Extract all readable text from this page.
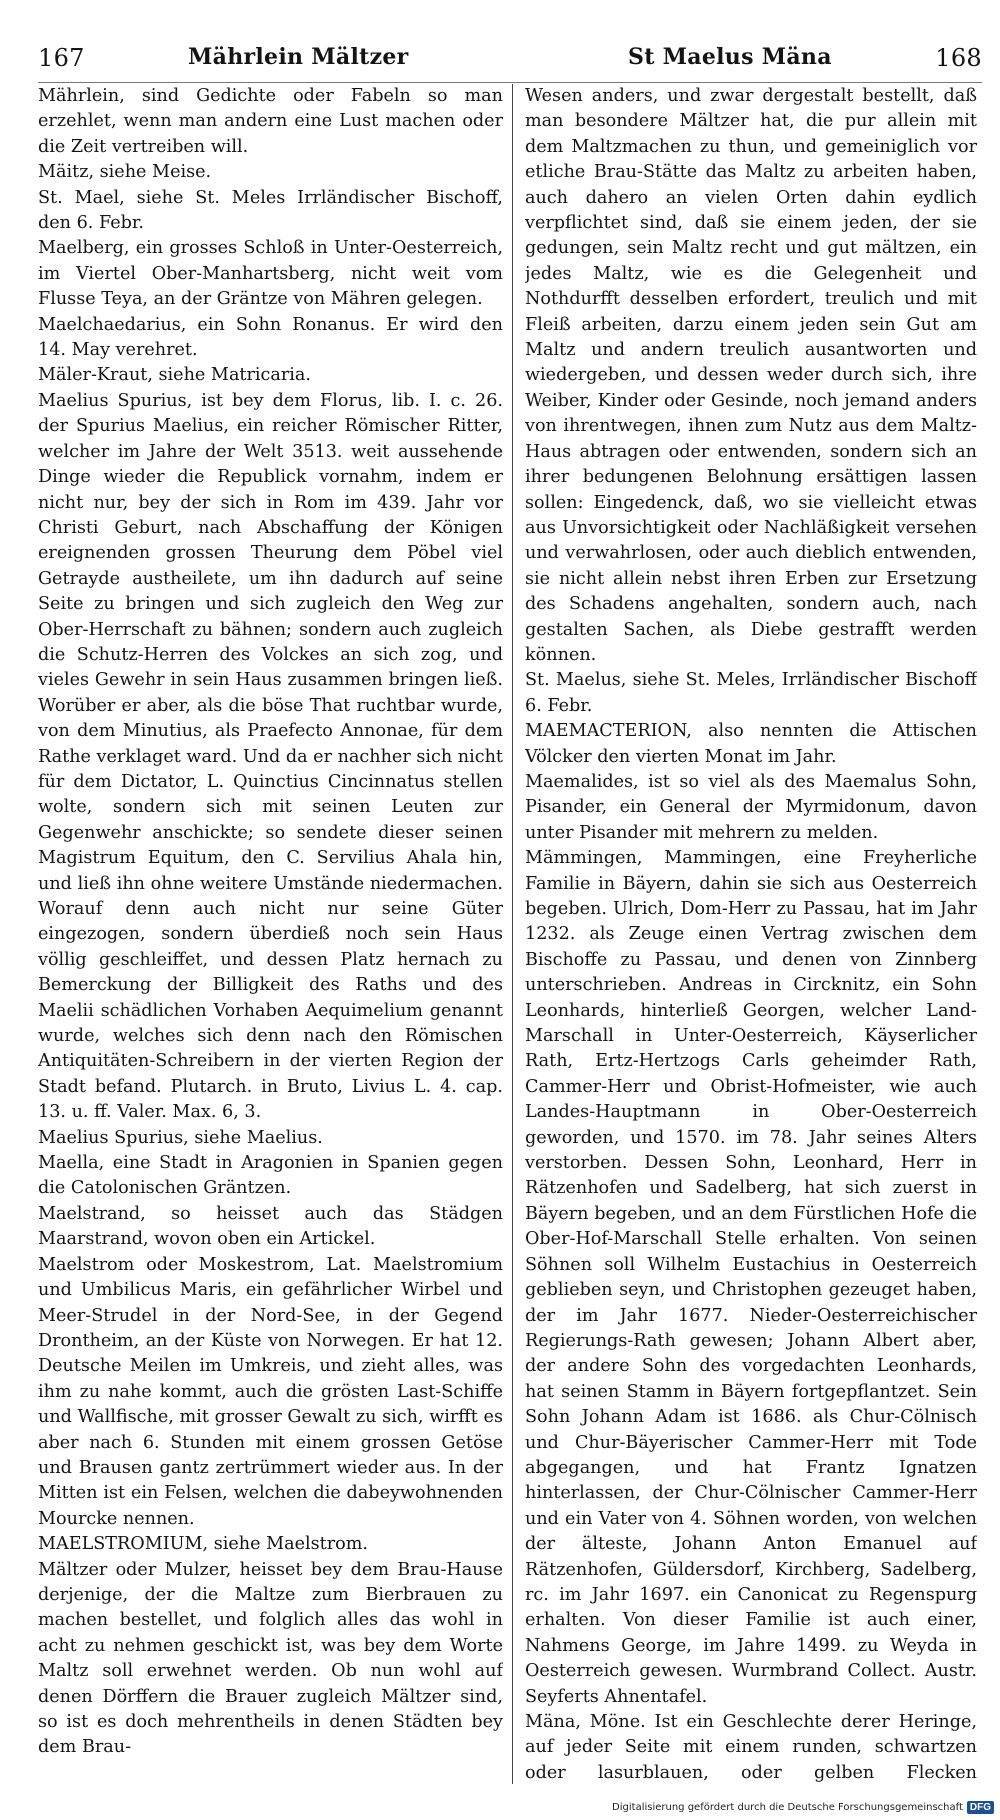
167	Mährlein Mältzer	St Maelus Mäna	168
Mährlein, sind Gedichte oder Fabeln so man erzehlet, wenn man andern eine Lust machen oder die Zeit vertreiben will.
Mäitz, siehe Meise.
St. Mael, siehe St. Meles Irrländischer Bischoff, den 6. Febr.
Maelberg, ein grosses Schloß in Unter-Oesterreich, im Viertel Ober-Manhartsberg, nicht weit vom Flusse Teya, an der Gräntze von Mähren gelegen.
Maelchaedarius, ein Sohn Ronanus. Er wird den 14. May verehret.
Mäler-Kraut, siehe Matricaria.
Maelius Spurius, ist bey dem Florus, lib. I. c. 26. der Spurius Maelius, ein reicher Römischer Ritter, welcher im Jahre der Welt 3513. weit aussehende Dinge wieder die Republick vornahm, indem er nicht nur, bey der sich in Rom im 439. Jahr vor Christi Geburt, nach Abschaffung der Königen ereignenden grossen Theurung dem Pöbel viel Getrayde austheilete, um ihn dadurch auf seine Seite zu bringen und sich zugleich den Weg zur Ober-Herrschaft zu bähnen; sondern auch zugleich die Schutz-Herren des Volckes an sich zog, und vieles Gewehr in sein Haus zusammen bringen ließ. Worüber er aber, als die böse That ruchtbar wurde, von dem Minutius, als Praefecto Annonae, für dem Rathe verklaget ward. Und da er nachher sich nicht für dem Dictator, L. Quinctius Cincinnatus stellen wolte, sondern sich mit seinen Leuten zur Gegenwehr anschickte; so sendete dieser seinen Magistrum Equitum, den C. Servilius Ahala hin, und ließ ihn ohne weitere Umstände niedermachen. Worauf denn auch nicht nur seine Güter eingezogen, sondern überdieß noch sein Haus völlig geschleiffet, und dessen Platz hernach zu Bemerckung der Billigkeit des Raths und des Maelii schädlichen Vorhaben Aequimelium genannt wurde, welches sich denn nach den Römischen Antiquitäten-Schreibern in der vierten Region der Stadt befand. Plutarch. in Bruto, Livius L. 4. cap. 13. u. ff. Valer. Max. 6, 3.
Maelius Spurius, siehe Maelius.
Maella, eine Stadt in Aragonien in Spanien gegen die Catolonischen Gräntzen.
Maelstrand, so heisset auch das Städgen Maarstrand, wovon oben ein Artickel.
Maelstrom oder Moskestrom, Lat. Maelstromium und Umbilicus Maris, ein gefährlicher Wirbel und Meer-Strudel in der Nord-See, in der Gegend Drontheim, an der Küste von Norwegen. Er hat 12. Deutsche Meilen im Umkreis, und zieht alles, was ihm zu nahe kommt, auch die grösten Last-Schiffe und Wallfische, mit grosser Gewalt zu sich, wirfft es aber nach 6. Stunden mit einem grossen Getöse und Brausen gantz zertrümmert wieder aus. In der Mitten ist ein Felsen, welchen die dabeywohnenden Mourcke nennen.
MAELSTROMIUM, siehe Maelstrom.
Mältzer oder Mulzer, heisset bey dem Brau-Hause derjenige, der die Maltze zum Bierbrauen zu machen bestellet, und folglich alles das wohl in acht zu nehmen geschickt ist, was bey dem Worte Maltz soll erwehnet werden. Ob nun wohl auf denen Dörffern die Brauer zugleich Mältzer sind, so ist es doch mehrentheils in denen Städten bey dem Brau-
Wesen anders, und zwar dergestalt bestellt, daß man besondere Mältzer hat, die pur allein mit dem Maltzmachen zu thun, und gemeiniglich vor etliche Brau-Stätte das Maltz zu arbeiten haben, auch dahero an vielen Orten dahin eydlich verpflichtet sind, daß sie einem jeden, der sie gedungen, sein Maltz recht und gut mältzen, ein jedes Maltz, wie es die Gelegenheit und Nothdurfft desselben erfordert, treulich und mit Fleiß arbeiten, darzu einem jeden sein Gut am Maltz und andern treulich ausantworten und wiedergeben, und dessen weder durch sich, ihre Weiber, Kinder oder Gesinde, noch jemand anders von ihrentwegen, ihnen zum Nutz aus dem Maltz-Haus abtragen oder entwenden, sondern sich an ihrer bedungenen Belohnung ersättigen lassen sollen: Eingedenck, daß, wo sie vielleicht etwas aus Unvorsichtigkeit oder Nachläßigkeit versehen und verwahrlosen, oder auch dieblich entwenden, sie nicht allein nebst ihren Erben zur Ersetzung des Schadens angehalten, sondern auch, nach gestalten Sachen, als Diebe gestrafft werden können.
St. Maelus, siehe St. Meles, Irrländischer Bischoff 6. Febr.
MAEMACTERION, also nennten die Attischen Völcker den vierten Monat im Jahr.
Maemalides, ist so viel als des Maemalus Sohn, Pisander, ein General der Myrmidonum, davon unter Pisander mit mehrern zu melden.
Mämmingen, Mammingen, eine Freyherliche Familie in Bäyern, dahin sie sich aus Oesterreich begeben. Ulrich, Dom-Herr zu Passau, hat im Jahr 1232. als Zeuge einen Vertrag zwischen dem Bischoffe zu Passau, und denen von Zinnberg unterschrieben. Andreas in Circknitz, ein Sohn Leonhards, hinterließ Georgen, welcher Land-Marschall in Unter-Oesterreich, Käyserlicher Rath, Ertz-Hertzogs Carls geheimder Rath, Cammer-Herr und Obrist-Hofmeister, wie auch Landes-Hauptmann in Ober-Oesterreich geworden, und 1570. im 78. Jahr seines Alters verstorben. Dessen Sohn, Leonhard, Herr in Rätzenhofen und Sadelberg, hat sich zuerst in Bäyern begeben, und an dem Fürstlichen Hofe die Ober-Hof-Marschall Stelle erhalten. Von seinen Söhnen soll Wilhelm Eustachius in Oesterreich geblieben seyn, und Christophen gezeuget haben, der im Jahr 1677. Nieder-Oesterreichischer Regierungs-Rath gewesen; Johann Albert aber, der andere Sohn des vorgedachten Leonhards, hat seinen Stamm in Bäyern fortgepflantzet. Sein Sohn Johann Adam ist 1686. als Chur-Cölnisch und Chur-Bäyerischer Cammer-Herr mit Tode abgegangen, und hat Frantz Ignatzen hinterlassen, der Chur-Cölnischer Cammer-Herr und ein Vater von 4. Söhnen worden, von welchen der älteste, Johann Anton Emanuel auf Rätzenhofen, Güldersdorf, Kirchberg, Sadelberg, rc. im Jahr 1697. ein Canonicat zu Regenspurg erhalten. Von dieser Familie ist auch einer, Nahmens George, im Jahre 1499. zu Weyda in Oesterreich gewesen. Wurmbrand Collect. Austr. Seyferts Ahnentafel.
Mäna, Möne. Ist ein Geschlechte derer Heringe, auf jeder Seite mit einem runden, schwartzen oder lasurblauen, oder gelben Flecken

Digitalisierung gefördert durch die Deutsche Forschungsgemeinschaft DFG
